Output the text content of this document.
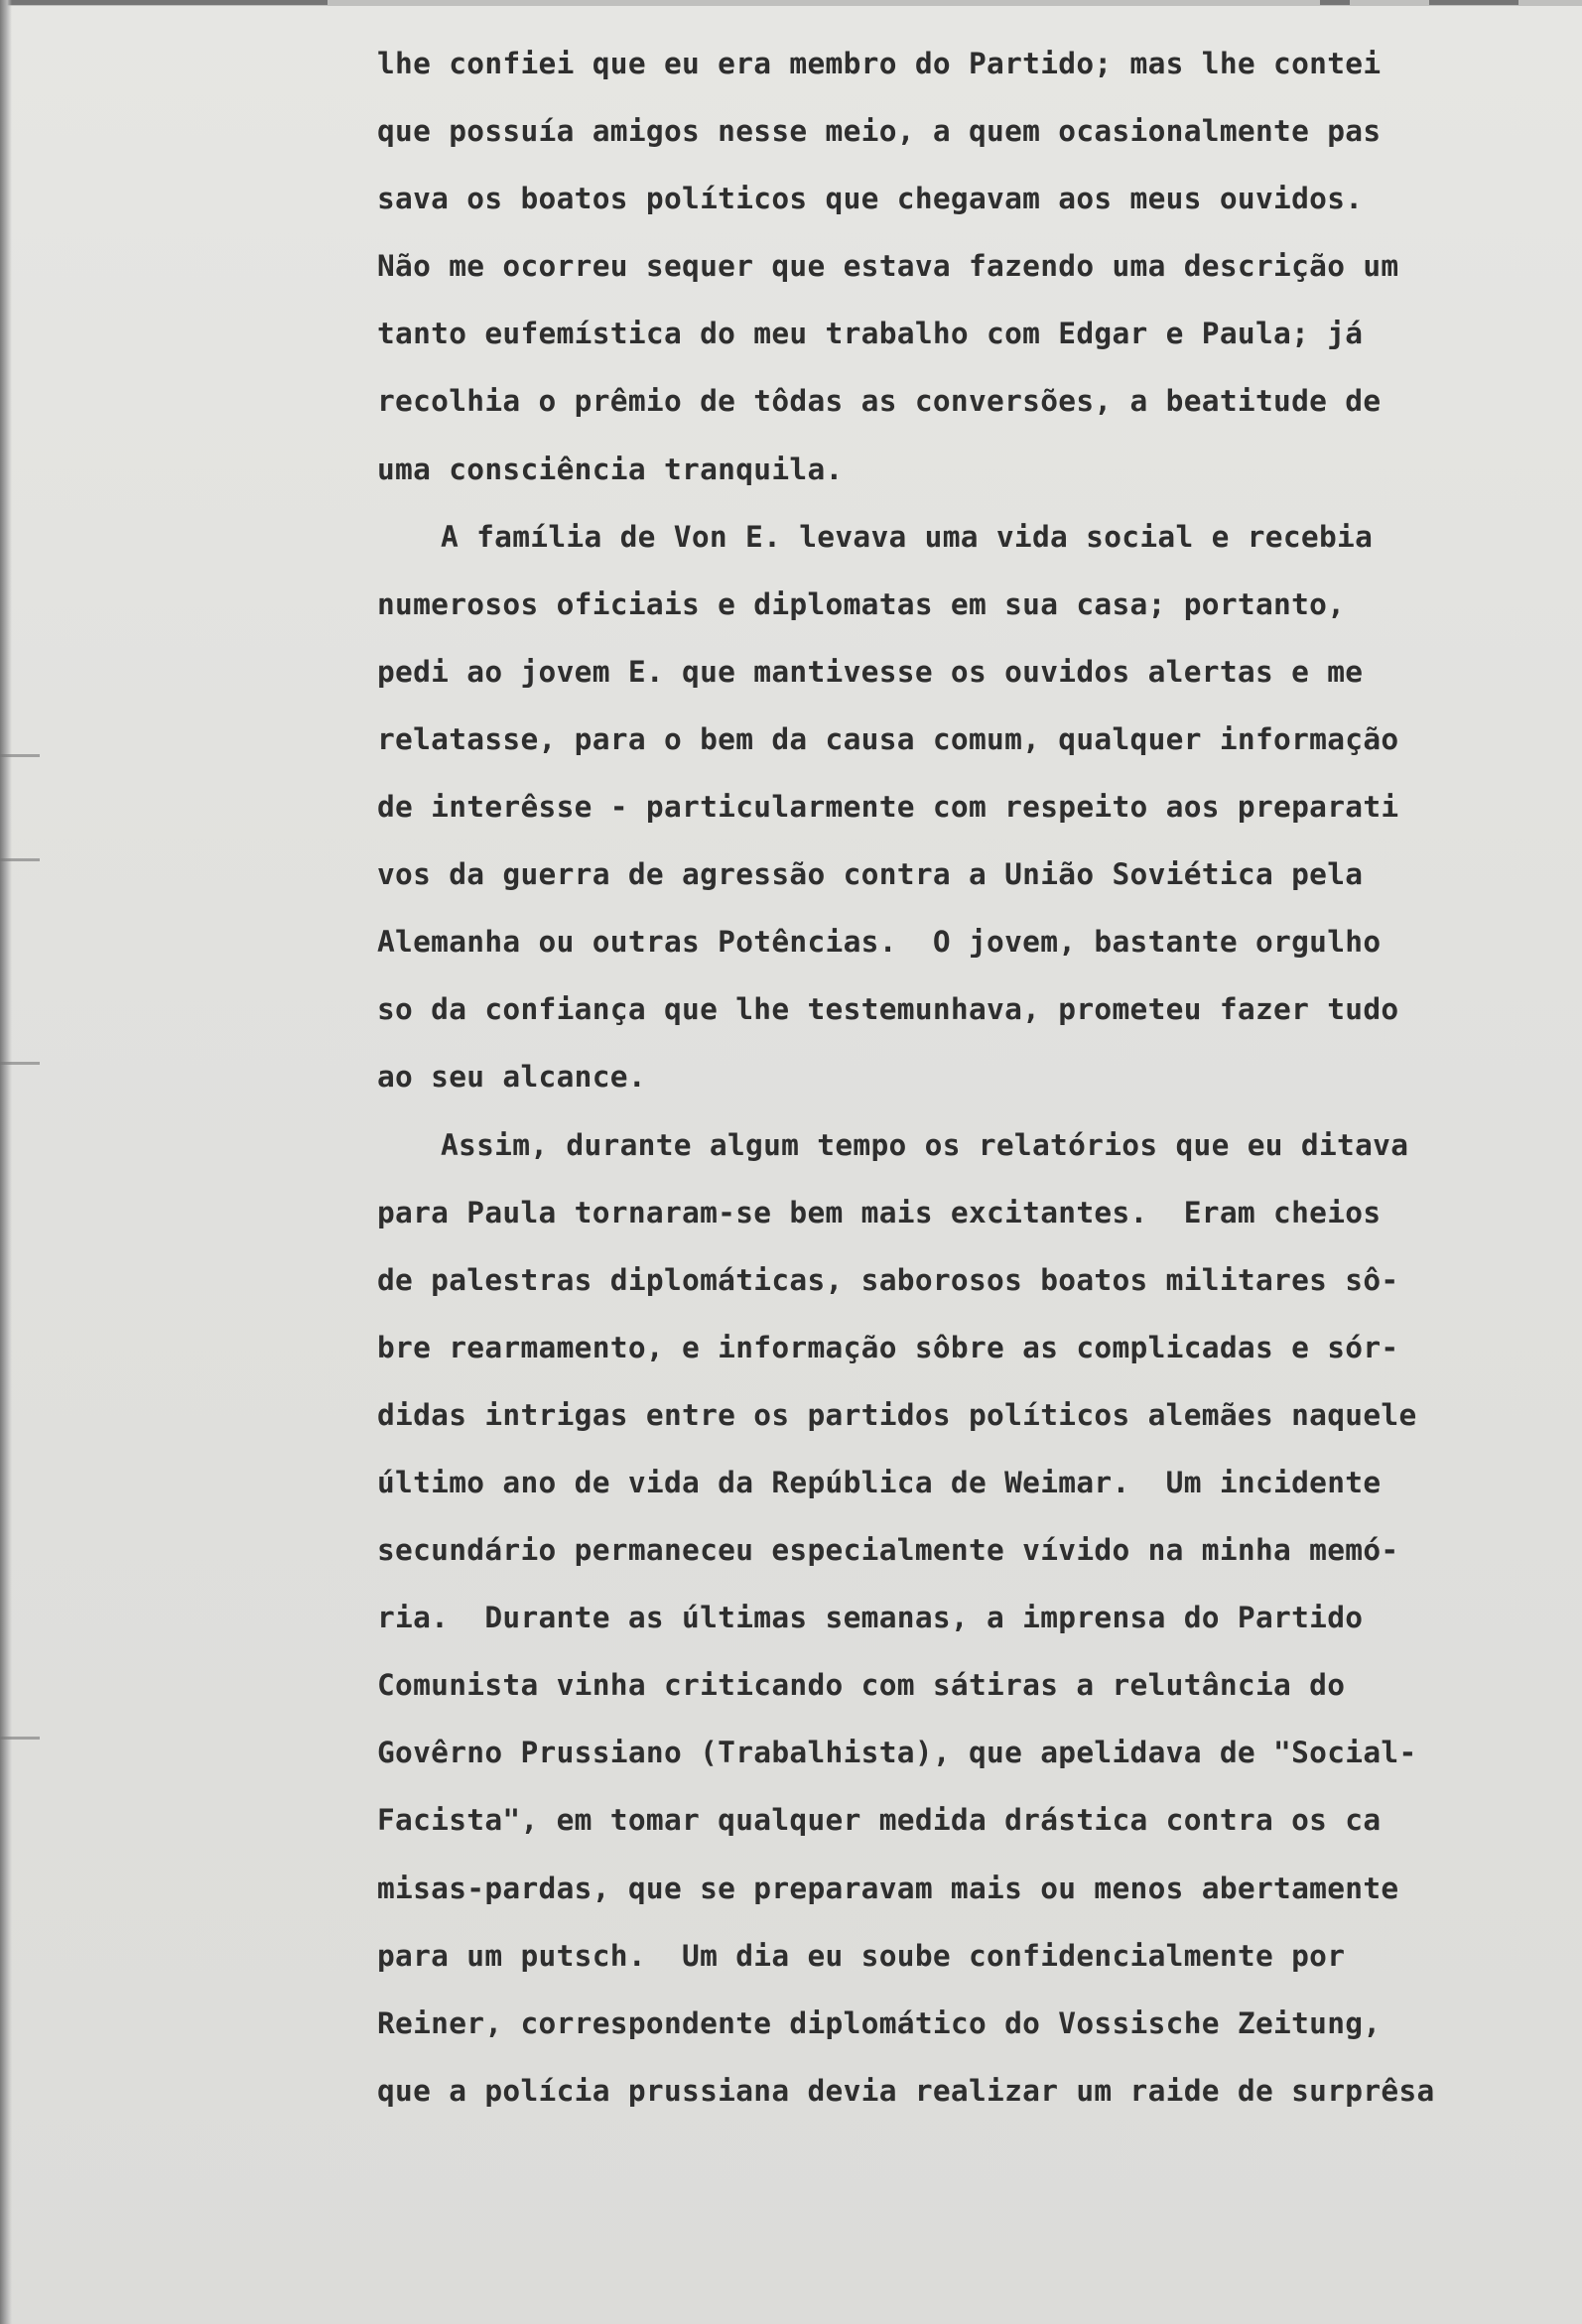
lhe confiei que eu era membro do Partido; mas lhe contei
que possuía amigos nesse meio, a quem ocasionalmente pas
sava os boatos políticos que chegavam aos meus ouvidos.
Não me ocorreu sequer que estava fazendo uma descrição um
tanto eufemística do meu trabalho com Edgar e Paula; já
recolhia o prêmio de tôdas as conversões, a beatitude de
uma consciência tranquila.
A família de Von E. levava uma vida social e recebia
numerosos oficiais e diplomatas em sua casa; portanto,
pedi ao jovem E. que mantivesse os ouvidos alertas e me
relatasse, para o bem da causa comum, qualquer informação
de interêsse - particularmente com respeito aos preparati
vos da guerra de agressão contra a União Soviética pela
Alemanha ou outras Potências.  O jovem, bastante orgulho
so da confiança que lhe testemunhava, prometeu fazer tudo
ao seu alcance.
Assim, durante algum tempo os relatórios que eu ditava
para Paula tornaram-se bem mais excitantes.  Eram cheios
de palestras diplomáticas, saborosos boatos militares sô-
bre rearmamento, e informação sôbre as complicadas e sór-
didas intrigas entre os partidos políticos alemães naquele
último ano de vida da República de Weimar.  Um incidente
secundário permaneceu especialmente vívido na minha memó-
ria.  Durante as últimas semanas, a imprensa do Partido
Comunista vinha criticando com sátiras a relutância do
Govêrno Prussiano (Trabalhista), que apelidava de "Social-
Facista", em tomar qualquer medida drástica contra os ca
misas-pardas, que se preparavam mais ou menos abertamente
para um putsch.  Um dia eu soube confidencialmente por
Reiner, correspondente diplomático do Vossische Zeitung,
que a polícia prussiana devia realizar um raide de surprêsa
